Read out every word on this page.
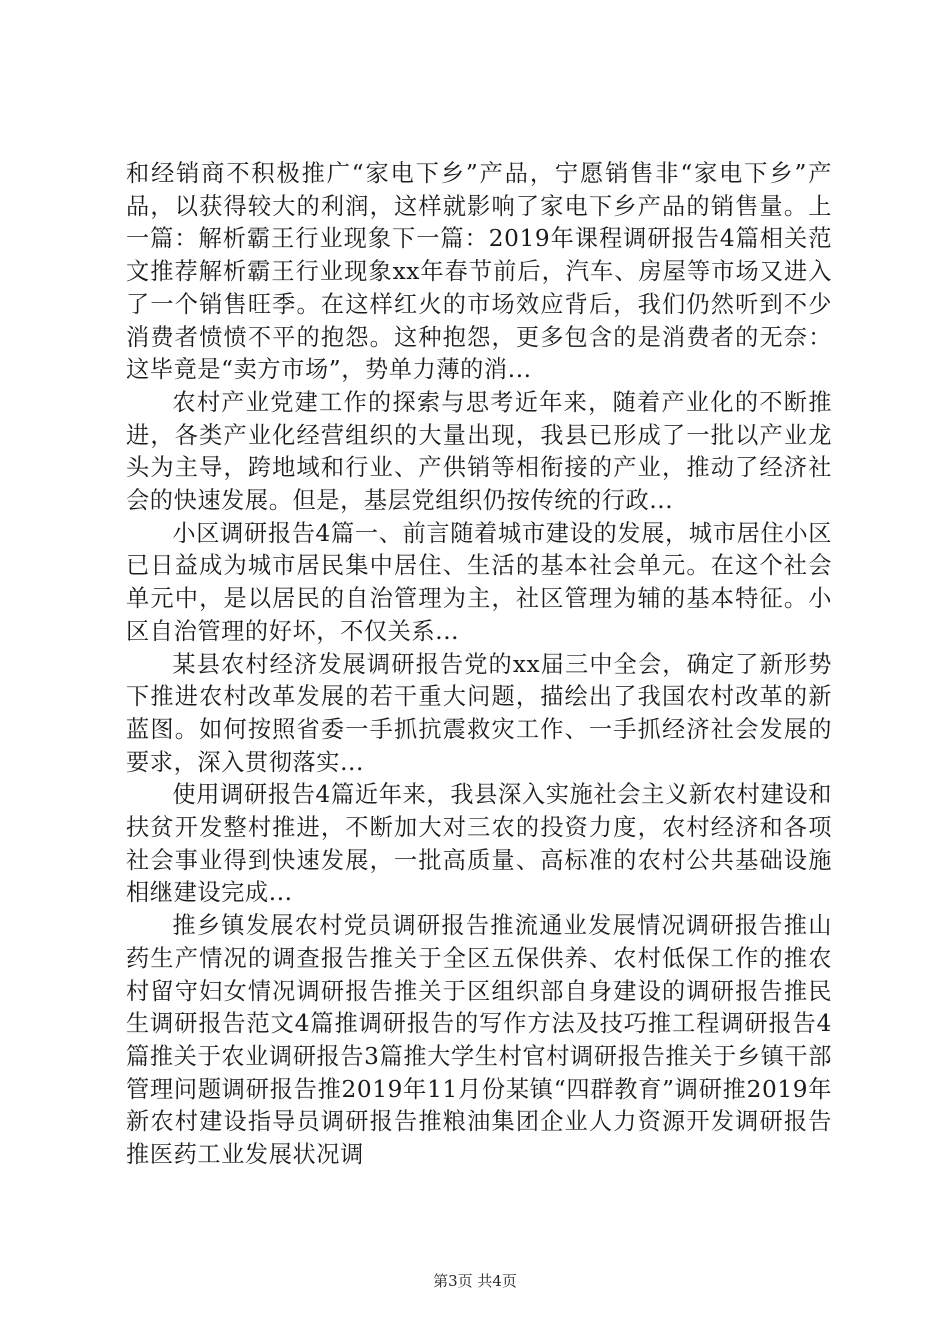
和经销商不积极推广“家电下乡”产品，宁愿销售非“家电下乡”产品，以获得较大的利润，这样就影响了家电下乡产品的销售量。上一篇：解析霸王行业现象下一篇：2019年课程调研报告4篇相关范文推荐解析霸王行业现象xx年春节前后，汽车、房屋等市场又进入了一个销售旺季。在这样红火的市场效应背后，我们仍然听到不少消费者愤愤不平的抱怨。这种抱怨，更多包含的是消费者的无奈：这毕竟是“卖方市场”，势单力薄的消...

农村产业党建工作的探索与思考近年来，随着产业化的不断推进，各类产业化经营组织的大量出现，我县已形成了一批以产业龙头为主导，跨地域和行业、产供销等相衔接的产业，推动了经济社会的快速发展。但是，基层党组织仍按传统的行政...

小区调研报告4篇一、前言随着城市建设的发展，城市居住小区已日益成为城市居民集中居住、生活的基本社会单元。在这个社会单元中，是以居民的自治管理为主，社区管理为辅的基本特征。小区自治管理的好坏，不仅关系...

某县农村经济发展调研报告党的xx届三中全会，确定了新形势下推进农村改革发展的若干重大问题，描绘出了我国农村改革的新蓝图。如何按照省委一手抓抗震救灾工作、一手抓经济社会发展的要求，深入贯彻落实...

使用调研报告4篇近年来，我县深入实施社会主义新农村建设和扶贫开发整村推进，不断加大对三农的投资力度，农村经济和各项社会事业得到快速发展，一批高质量、高标准的农村公共基础设施相继建设完成...

推乡镇发展农村党员调研报告推流通业发展情况调研报告推山药生产情况的调查报告推关于全区五保供养、农村低保工作的推农村留守妇女情况调研报告推关于区组织部自身建设的调研报告推民生调研报告范文4篇推调研报告的写作方法及技巧推工程调研报告4篇推关于农业调研报告3篇推大学生村官村调研报告推关于乡镇干部管理问题调研报告推2019年11月份某镇“四群教育”调研推2019年新农村建设指导员调研报告推粮油集团企业人力资源开发调研报告推医药工业发展状况调

第3页 共4页
